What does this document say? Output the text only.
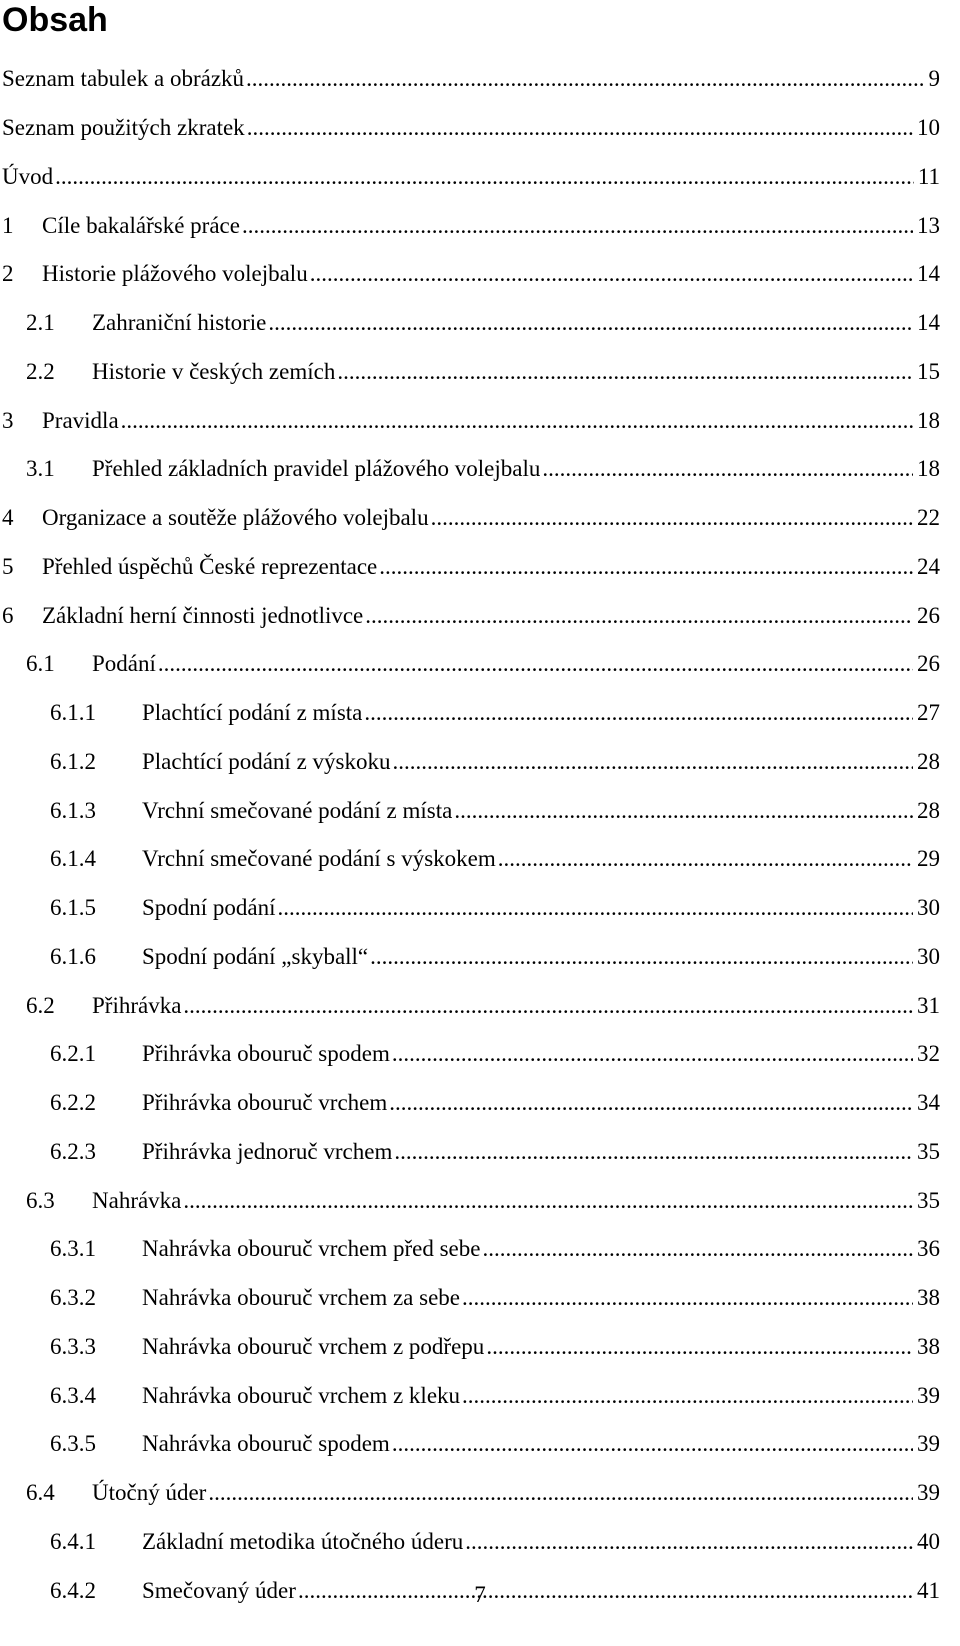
Obsah
Seznam tabulek a obrázků .....	9
Seznam použitých zkratek .....	10
Úvod .....	11
1	Cíle bakalářské práce .....	13
2	Historie plážového volejbalu .....	14
2.1	Zahraniční historie .....	14
2.2	Historie v českých zemích .....	15
3	Pravidla .....	18
3.1	Přehled základních pravidel plážového volejbalu .....	18
4	Organizace a soutěže plážového volejbalu .....	22
5	Přehled úspěchů České reprezentace .....	24
6	Základní herní činnosti jednotlivce .....	26
6.1	Podání .....	26
6.1.1	Plachtící podání z místa .....	27
6.1.2	Plachtící podání z výskoku .....	28
6.1.3	Vrchní smečované podání z místa .....	28
6.1.4	Vrchní smečované podání s výskokem .....	29
6.1.5	Spodní podání .....	30
6.1.6	Spodní podání „skyball“ .....	30
6.2	Přihrávka .....	31
6.2.1	Přihrávka obouruč spodem .....	32
6.2.2	Přihrávka obouruč vrchem .....	34
6.2.3	Přihrávka jednoruč vrchem .....	35
6.3	Nahrávka .....	35
6.3.1	Nahrávka obouruč vrchem před sebe .....	36
6.3.2	Nahrávka obouruč vrchem za sebe .....	38
6.3.3	Nahrávka obouruč vrchem z podřepu .....	38
6.3.4	Nahrávka obouruč vrchem z kleku .....	39
6.3.5	Nahrávka obouruč spodem .....	39
6.4	Útočný úder .....	39
6.4.1	Základní metodika útočného úderu .....	40
6.4.2	Smečovaný úder .....	41
7
